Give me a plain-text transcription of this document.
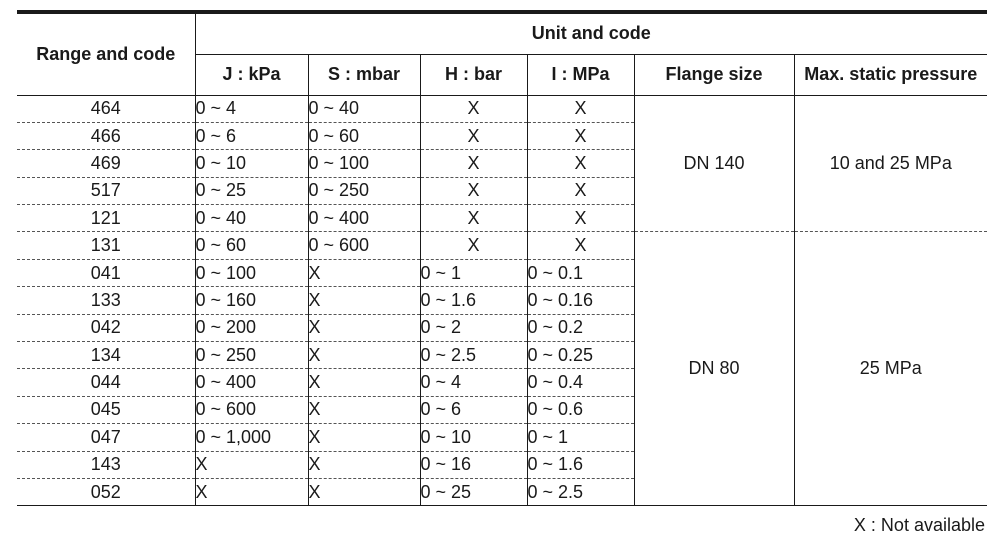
Range and code	Unit and code					
	J : kPa	S : mbar	H : bar	I : MPa	Flange size	Max. static pressure
464	0 ~ 4	0 ~ 40	X	X	DN 140	10 and 25 MPa
466	0 ~ 6	0 ~ 60	X	X		
469	0 ~ 10	0 ~ 100	X	X		
517	0 ~ 25	0 ~ 250	X	X		
121	0 ~ 40	0 ~ 400	X	X		
131	0 ~ 60	0 ~ 600	X	X	DN 80	25 MPa
041	0 ~ 100	X	0 ~ 1	0 ~ 0.1		
133	0 ~ 160	X	0 ~ 1.6	0 ~ 0.16		
042	0 ~ 200	X	0 ~ 2	0 ~ 0.2		
134	0 ~ 250	X	0 ~ 2.5	0 ~ 0.25		
044	0 ~ 400	X	0 ~ 4	0 ~ 0.4		
045	0 ~ 600	X	0 ~ 6	0 ~ 0.6		
047	0 ~ 1,000	X	0 ~ 10	0 ~ 1		
143	X	X	0 ~ 16	0 ~ 1.6		
052	X	X	0 ~ 25	0 ~ 2.5		
X : Not available
